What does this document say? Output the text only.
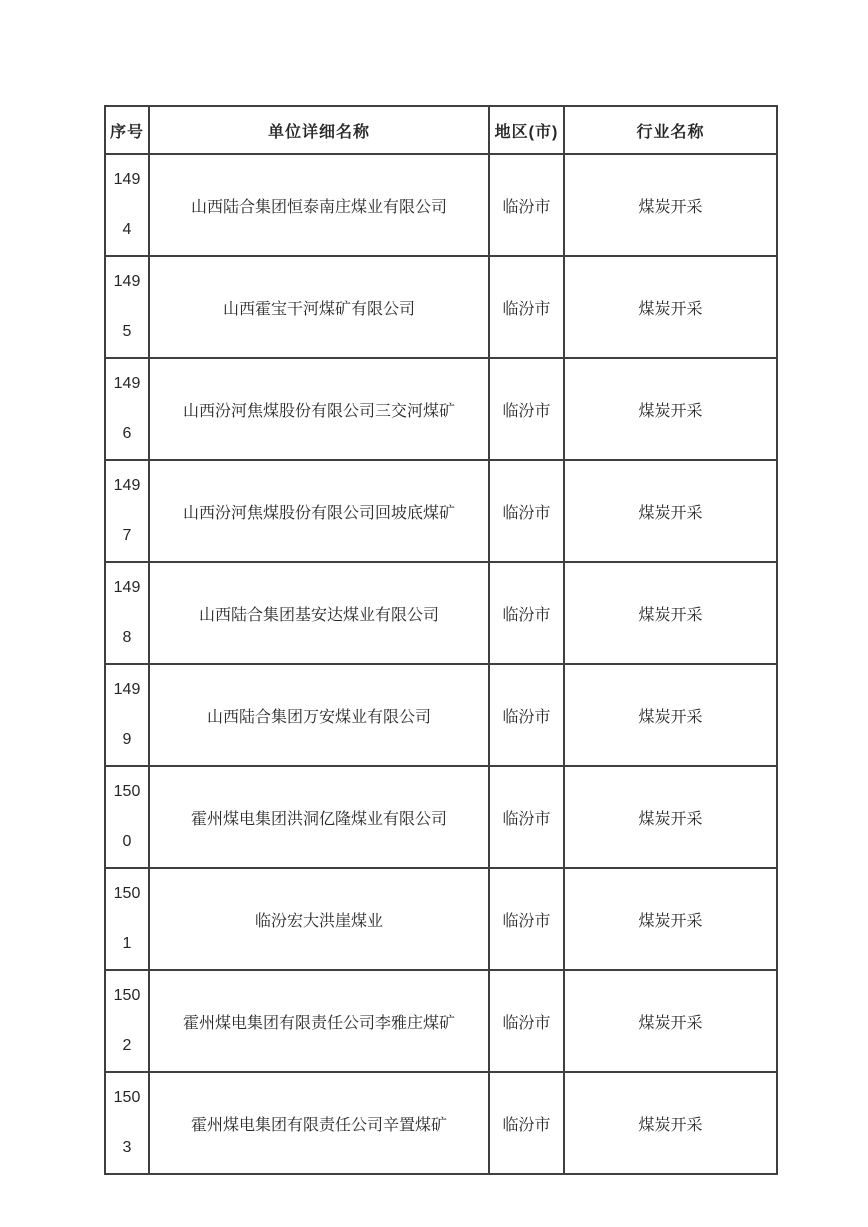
序号	单位详细名称	地区(市)	行业名称

149
4	山西陆合集团恒泰南庄煤业有限公司	临汾市	煤炭开采

149
5	山西霍宝干河煤矿有限公司	临汾市	煤炭开采

149
6	山西汾河焦煤股份有限公司三交河煤矿	临汾市	煤炭开采

149
7	山西汾河焦煤股份有限公司回坡底煤矿	临汾市	煤炭开采

149
8	山西陆合集团基安达煤业有限公司	临汾市	煤炭开采

149
9	山西陆合集团万安煤业有限公司	临汾市	煤炭开采

150
0	霍州煤电集团洪洞亿隆煤业有限公司	临汾市	煤炭开采

150
1	临汾宏大洪崖煤业	临汾市	煤炭开采

150
2	霍州煤电集团有限责任公司李雅庄煤矿	临汾市	煤炭开采

150
3	霍州煤电集团有限责任公司辛置煤矿	临汾市	煤炭开采
